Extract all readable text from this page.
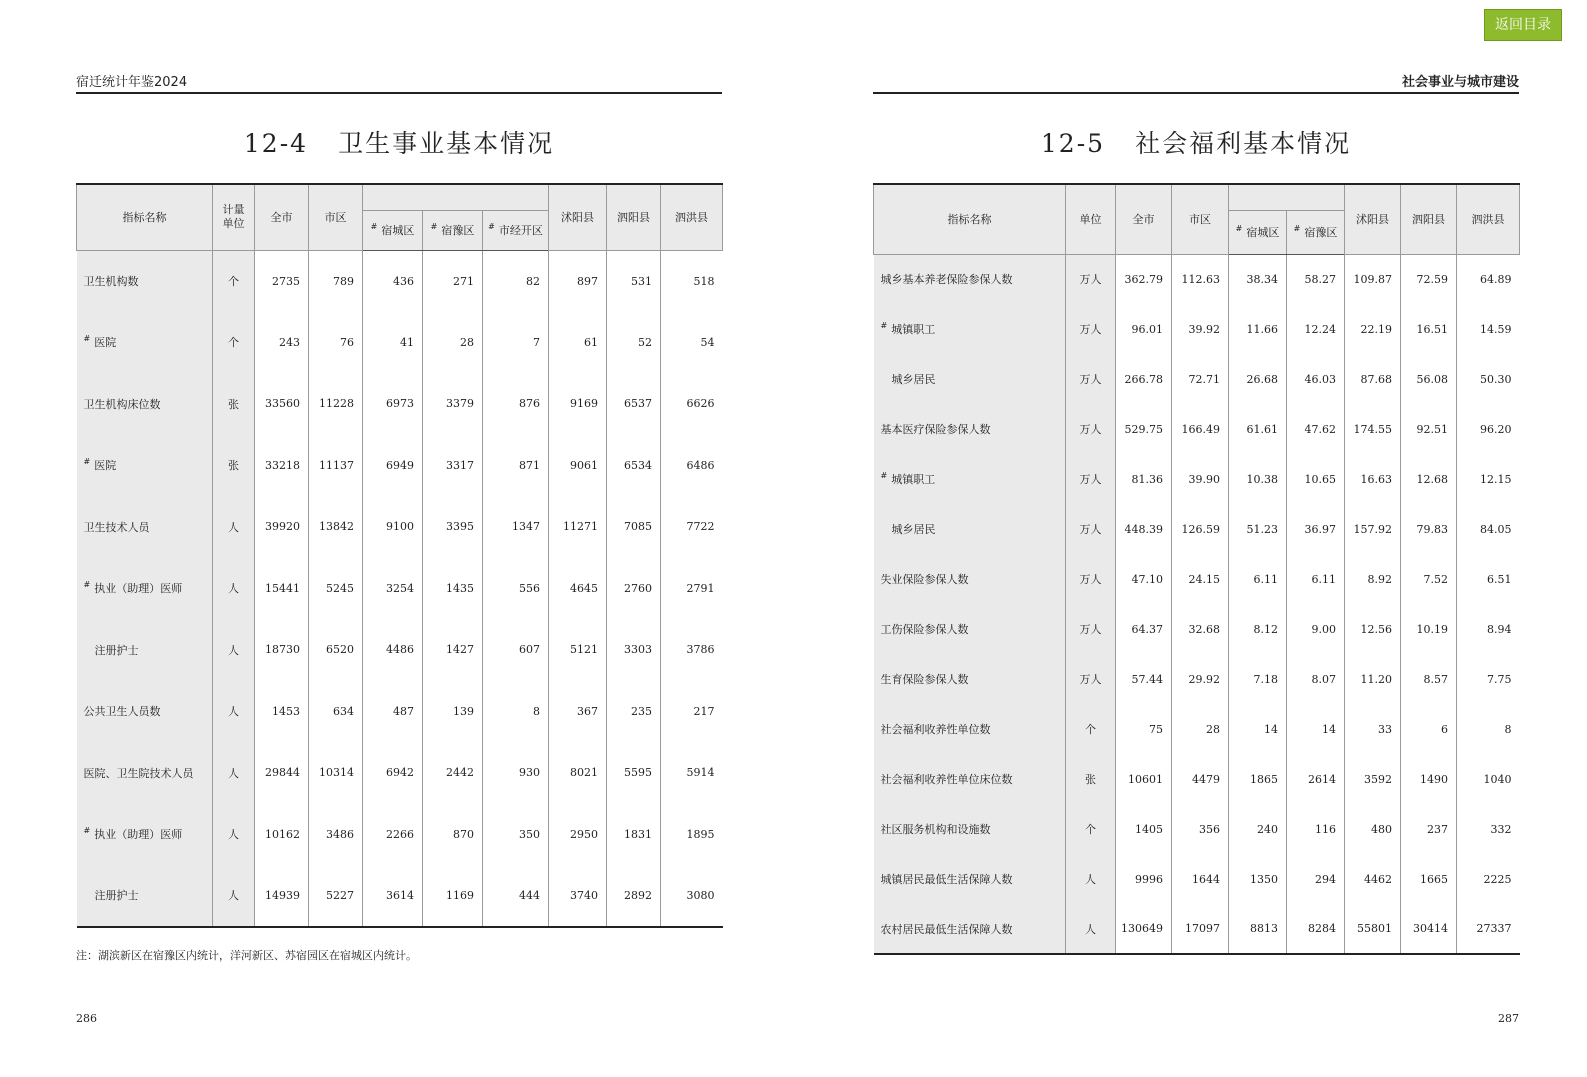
返回目录
宿迁统计年鉴2024
12-4 卫生事业基本情况
指标名称	计量单位	全市	市区				沭阳县	泗阳县	泗洪县
				# 宿城区	# 宿豫区	# 市经开区			
卫生机构数	个	2735	789	436	271	82	897	531	518
# 医院	个	243	76	41	28	7	61	52	54
卫生机构床位数	张	33560	11228	6973	3379	876	9169	6537	6626
# 医院	张	33218	11137	6949	3317	871	9061	6534	6486
卫生技术人员	人	39920	13842	9100	3395	1347	11271	7085	7722
# 执业（助理）医师	人	15441	5245	3254	1435	556	4645	2760	2791
注册护士	人	18730	6520	4486	1427	607	5121	3303	3786
公共卫生人员数	人	1453	634	487	139	8	367	235	217
医院、卫生院技术人员	人	29844	10314	6942	2442	930	8021	5595	5914
# 执业（助理）医师	人	10162	3486	2266	870	350	2950	1831	1895
注册护士	人	14939	5227	3614	1169	444	3740	2892	3080
注：湖滨新区在宿豫区内统计，洋河新区、苏宿园区在宿城区内统计。
286
社会事业与城市建设
12-5 社会福利基本情况
指标名称	单位	全市	市区			沭阳县	泗阳县	泗洪县
				# 宿城区	# 宿豫区			
城乡基本养老保险参保人数	万人	362.79	112.63	38.34	58.27	109.87	72.59	64.89
# 城镇职工	万人	96.01	39.92	11.66	12.24	22.19	16.51	14.59
城乡居民	万人	266.78	72.71	26.68	46.03	87.68	56.08	50.30
基本医疗保险参保人数	万人	529.75	166.49	61.61	47.62	174.55	92.51	96.20
# 城镇职工	万人	81.36	39.90	10.38	10.65	16.63	12.68	12.15
城乡居民	万人	448.39	126.59	51.23	36.97	157.92	79.83	84.05
失业保险参保人数	万人	47.10	24.15	6.11	6.11	8.92	7.52	6.51
工伤保险参保人数	万人	64.37	32.68	8.12	9.00	12.56	10.19	8.94
生育保险参保人数	万人	57.44	29.92	7.18	8.07	11.20	8.57	7.75
社会福利收养性单位数	个	75	28	14	14	33	6	8
社会福利收养性单位床位数	张	10601	4479	1865	2614	3592	1490	1040
社区服务机构和设施数	个	1405	356	240	116	480	237	332
城镇居民最低生活保障人数	人	9996	1644	1350	294	4462	1665	2225
农村居民最低生活保障人数	人	130649	17097	8813	8284	55801	30414	27337
287
